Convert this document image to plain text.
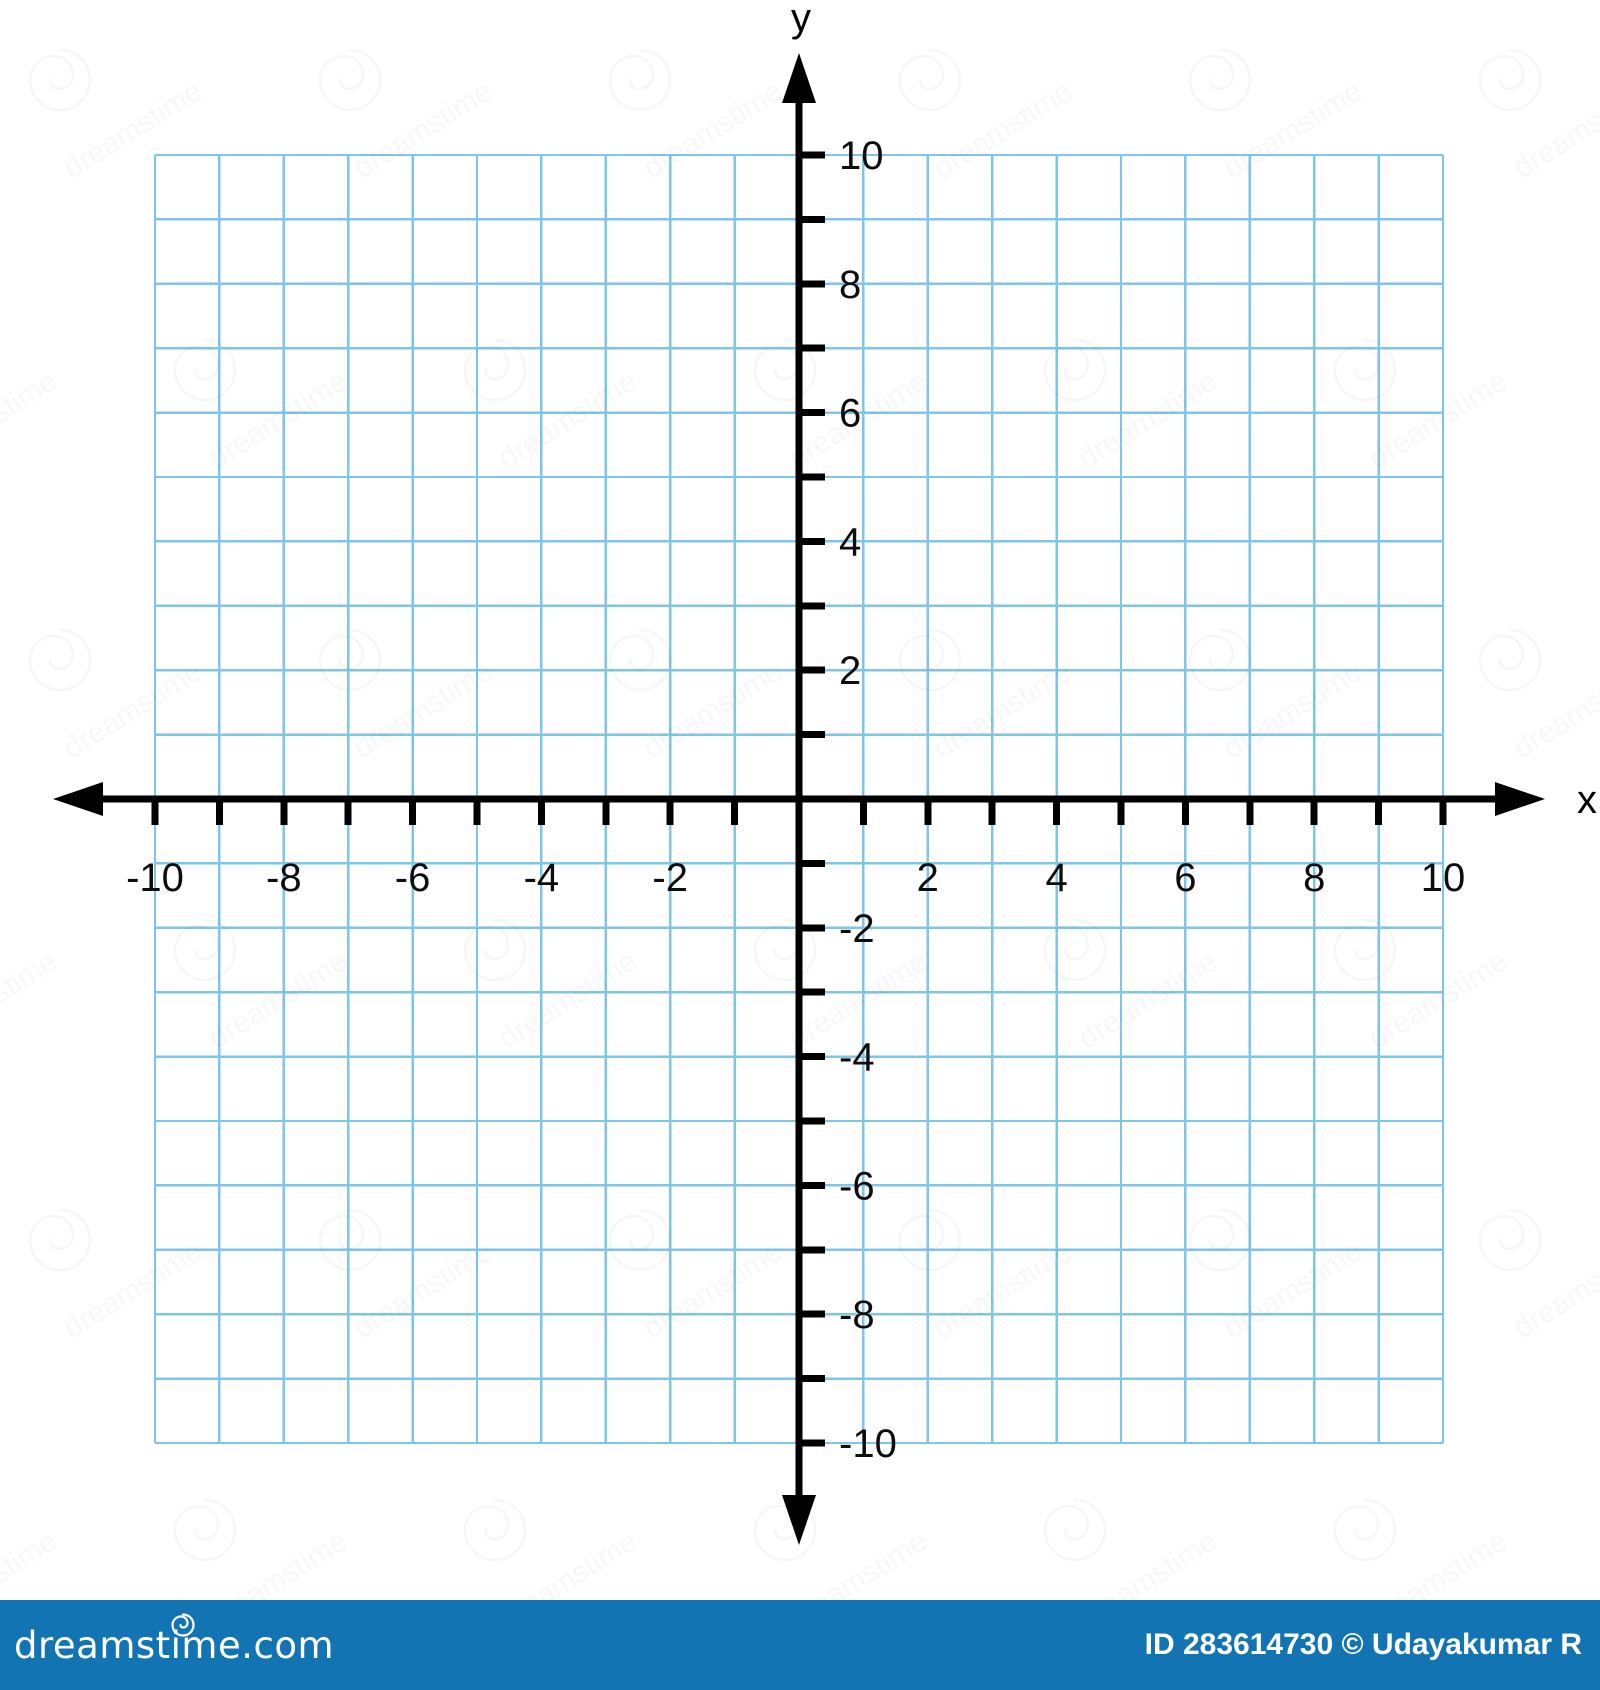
-10 -8 -6 -4 -2	2	4	6	8 10
10
8
6
4
2
-2
-4
-6
-8
-10
x
y
dreamstime.com	ID 283614730 © Udayakumar R
